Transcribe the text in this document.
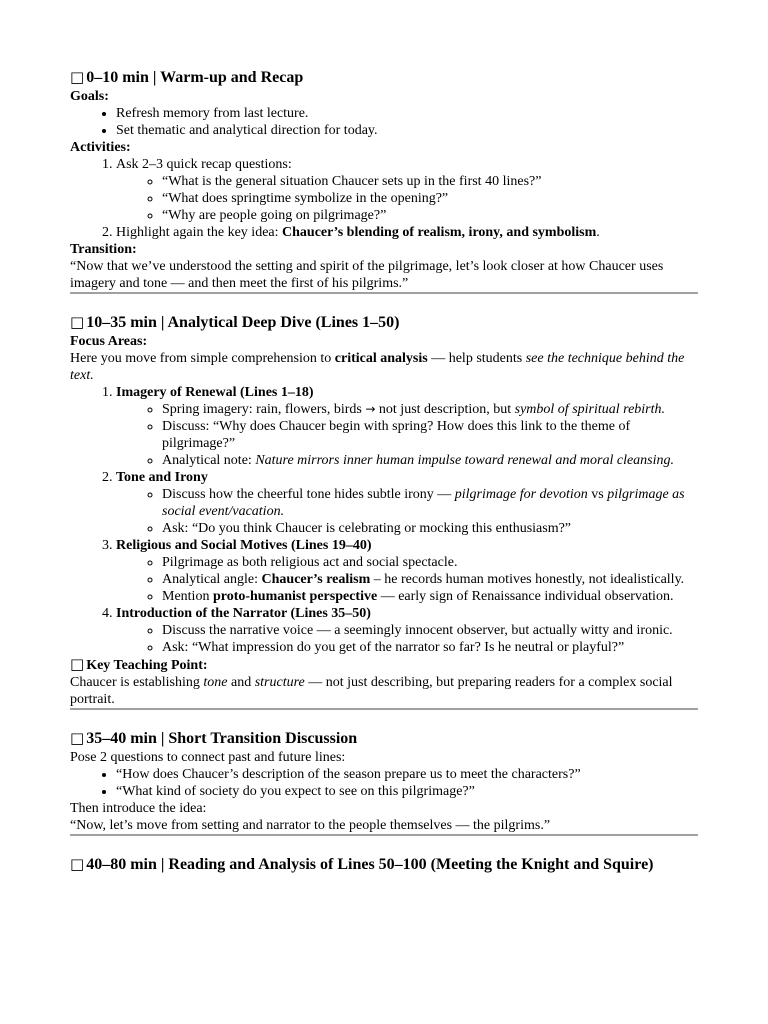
□ 0–10 min | Warm-up and Recap
Goals:
• Refresh memory from last lecture.
• Set thematic and analytical direction for today.
Activities:
1. Ask 2–3 quick recap questions:
◦ “What is the general situation Chaucer sets up in the first 40 lines?”
◦ “What does springtime symbolize in the opening?”
◦ “Why are people going on pilgrimage?”
2. Highlight again the key idea: Chaucer’s blending of realism, irony, and symbolism.
Transition:

“Now that we’ve understood the setting and spirit of the pilgrimage, let’s look closer at how Chaucer uses imagery and tone — and then meet the first of his pilgrims.”

□ 10–35 min | Analytical Deep Dive (Lines 1–50)
Focus Areas:

Here you move from simple comprehension to critical analysis — help students see the technique behind the text.

1. Imagery of Renewal (Lines 1–18)
◦ Spring imagery: rain, flowers, birds → not just description, but symbol of spiritual rebirth.
◦ Discuss: “Why does Chaucer begin with spring? How does this link to the theme of pilgrimage?”
◦ Analytical note: Nature mirrors inner human impulse toward renewal and moral cleansing.
2. Tone and Irony
◦ Discuss how the cheerful tone hides subtle irony — pilgrimage for devotion vs pilgrimage as social event/vacation.
◦ Ask: “Do you think Chaucer is celebrating or mocking this enthusiasm?”
3. Religious and Social Motives (Lines 19–40)
◦ Pilgrimage as both religious act and social spectacle.
◦ Analytical angle: Chaucer’s realism – he records human motives honestly, not idealistically.
◦ Mention proto-humanist perspective — early sign of Renaissance individual observation.
4. Introduction of the Narrator (Lines 35–50)
◦ Discuss the narrative voice — a seemingly innocent observer, but actually witty and ironic.
◦ Ask: “What impression do you get of the narrator so far? Is he neutral or playful?”
□ Key Teaching Point:

Chaucer is establishing tone and structure — not just describing, but preparing readers for a complex social portrait.

□ 35–40 min | Short Transition Discussion

Pose 2 questions to connect past and future lines:

• “How does Chaucer’s description of the season prepare us to meet the characters?”
• “What kind of society do you expect to see on this pilgrimage?”

Then introduce the idea:

“Now, let’s move from setting and narrator to the people themselves — the pilgrims.”

□ 40–80 min | Reading and Analysis of Lines 50–100 (Meeting the Knight and Squire)
